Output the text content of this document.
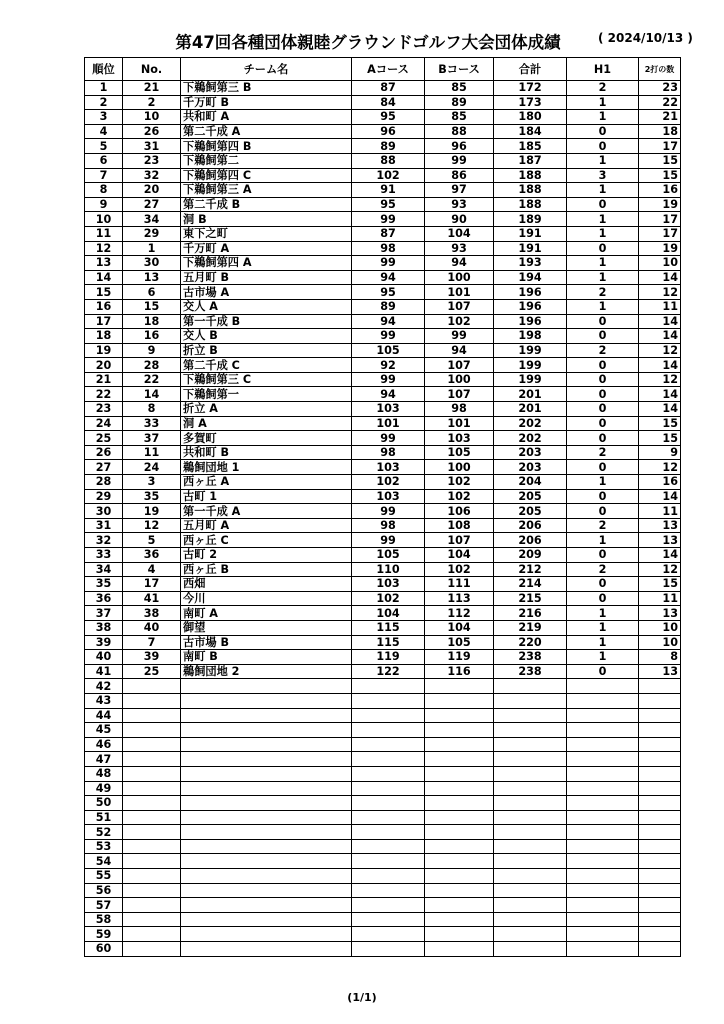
第47回各種団体親睦グラウンドゴルフ大会団体成績	( 2024/10/13 )
順位	No.	チーム名	Aコース	Bコース	合計	H1	2打の数
1	21	下鵜飼第三 B	87	85	172	2	23
2	2	千万町 B	84	89	173	1	22
3	10	共和町 A	95	85	180	1	21
4	26	第二千成 A	96	88	184	0	18
5	31	下鵜飼第四 B	89	96	185	0	17
6	23	下鵜飼第二	88	99	187	1	15
7	32	下鵜飼第四 C	102	86	188	3	15
8	20	下鵜飼第三 A	91	97	188	1	16
9	27	第二千成 B	95	93	188	0	19
10	34	洞 B	99	90	189	1	17
11	29	東下之町	87	104	191	1	17
12	1	千万町 A	98	93	191	0	19
13	30	下鵜飼第四 A	99	94	193	1	10
14	13	五月町 B	94	100	194	1	14
15	6	古市場 A	95	101	196	2	12
16	15	交人 A	89	107	196	1	11
17	18	第一千成 B	94	102	196	0	14
18	16	交人 B	99	99	198	0	14
19	9	折立 B	105	94	199	2	12
20	28	第二千成 C	92	107	199	0	14
21	22	下鵜飼第三 C	99	100	199	0	12
22	14	下鵜飼第一	94	107	201	0	14
23	8	折立 A	103	98	201	0	14
24	33	洞 A	101	101	202	0	15
25	37	多賀町	99	103	202	0	15
26	11	共和町 B	98	105	203	2	9
27	24	鵜飼団地 1	103	100	203	0	12
28	3	西ヶ丘 A	102	102	204	1	16
29	35	古町 1	103	102	205	0	14
30	19	第一千成 A	99	106	205	0	11
31	12	五月町 A	98	108	206	2	13
32	5	西ヶ丘 C	99	107	206	1	13
33	36	古町 2	105	104	209	0	14
34	4	西ヶ丘 B	110	102	212	2	12
35	17	西畑	103	111	214	0	15
36	41	今川	102	113	215	0	11
37	38	南町 A	104	112	216	1	13
38	40	御望	115	104	219	1	10
39	7	古市場 B	115	105	220	1	10
40	39	南町 B	119	119	238	1	8
41	25	鵜飼団地 2	122	116	238	0	13
42							
43							
44							
45							
46							
47							
48							
49							
50							
51							
52							
53							
54							
55							
56							
57							
58							
59							
60							
(1/1)
